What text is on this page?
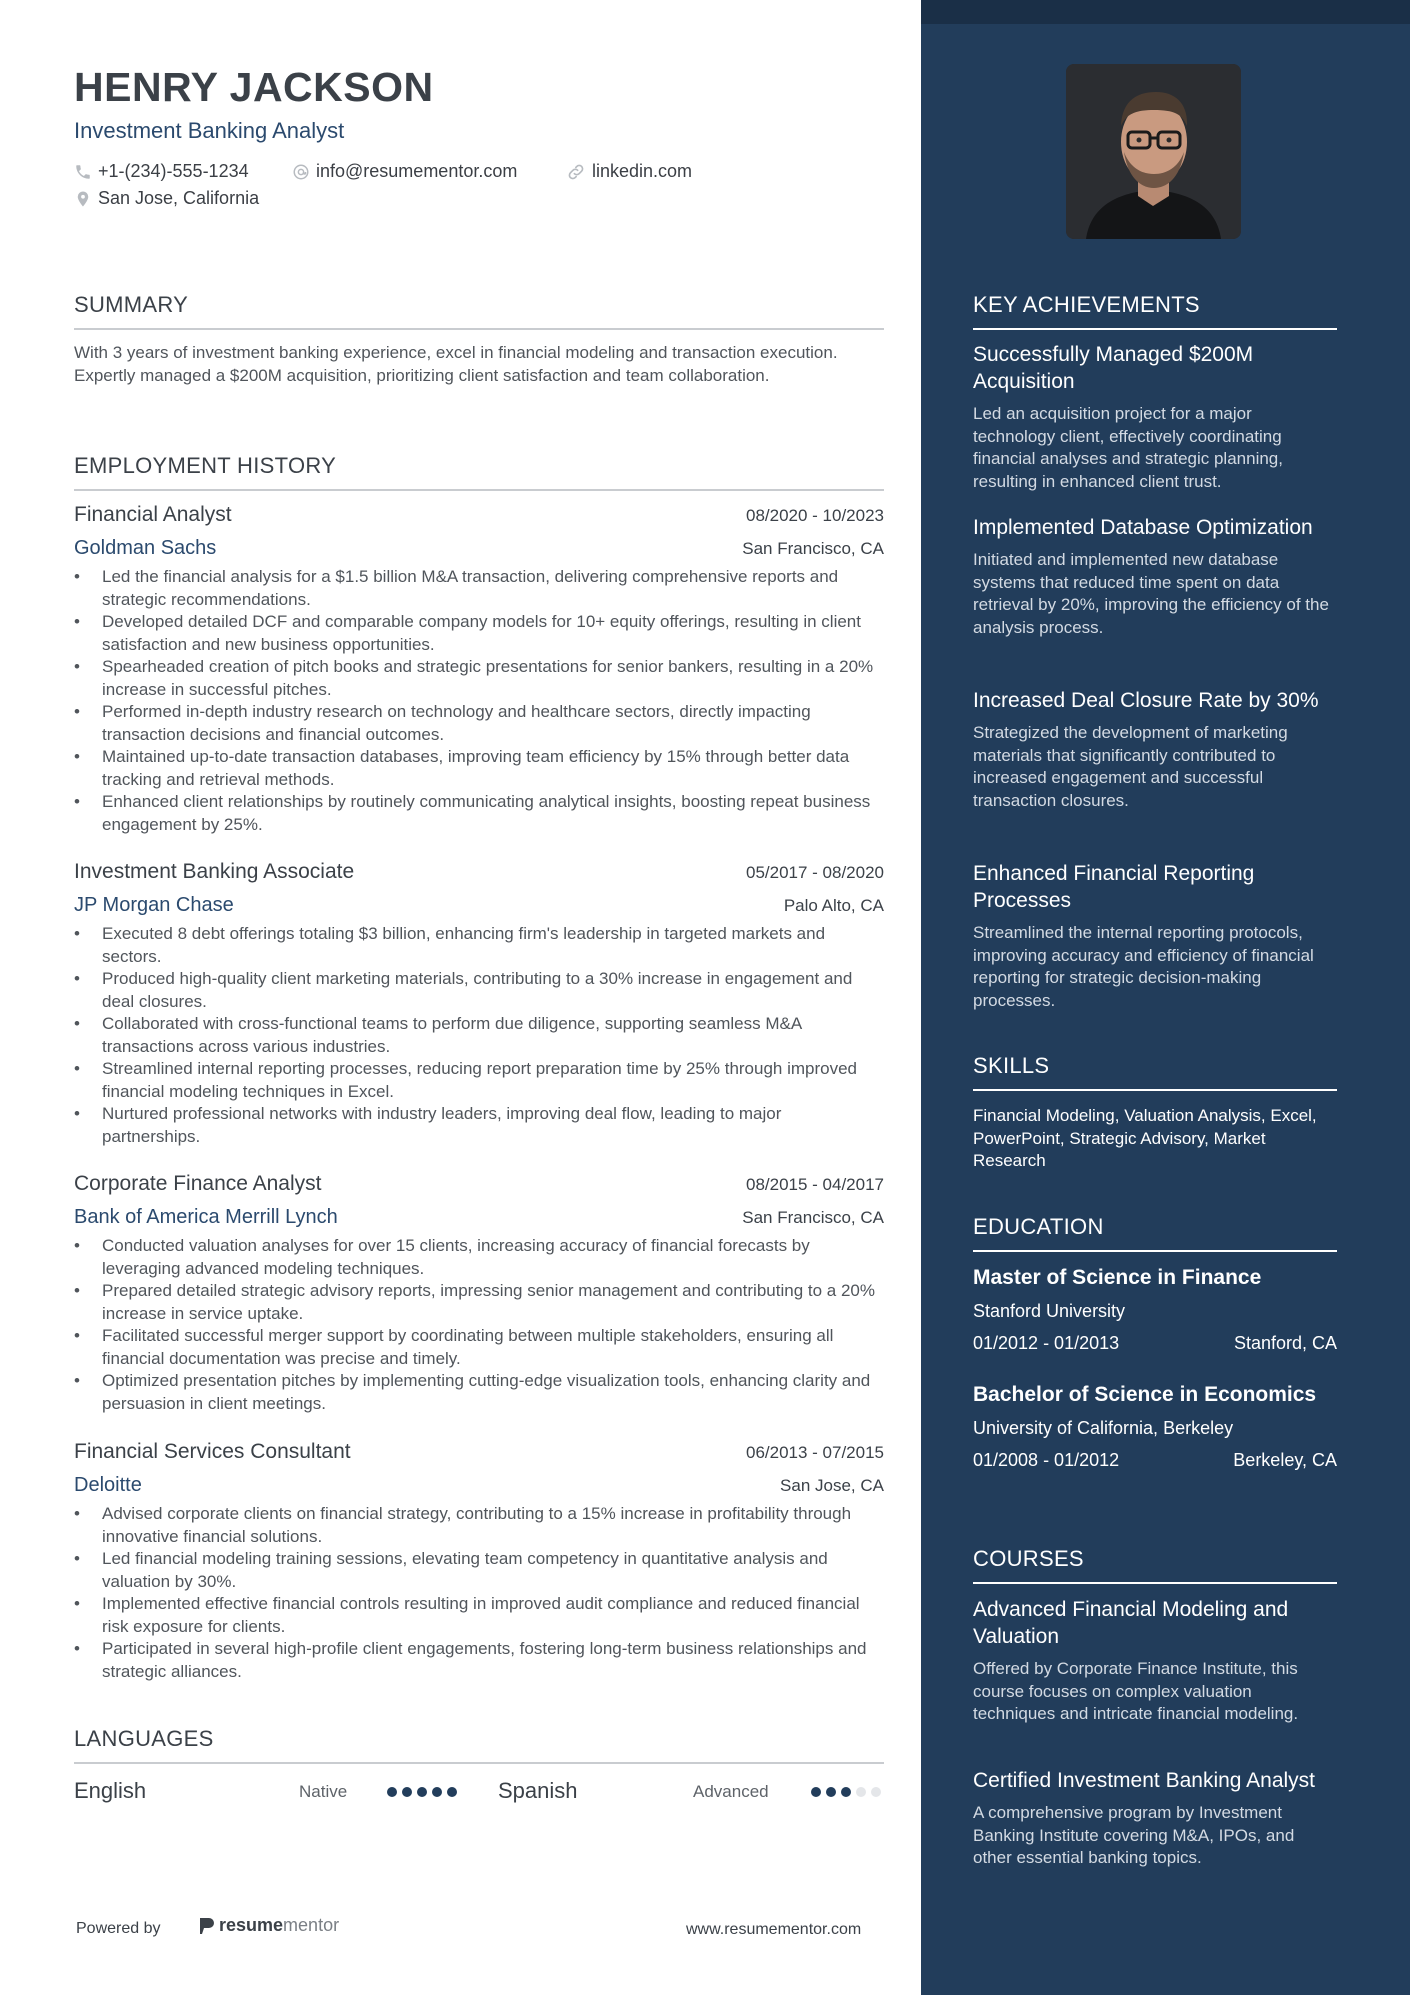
HENRY JACKSON
Investment Banking Analyst
+1-(234)-555-1234	info@resumementor.com	linkedin.com
San Jose, California
SUMMARY
With 3 years of investment banking experience, excel in financial modeling and transaction execution. Expertly managed a $200M acquisition, prioritizing client satisfaction and team collaboration.
EMPLOYMENT HISTORY
Financial Analyst	08/2020 - 10/2023
Goldman Sachs	San Francisco, CA
• Led the financial analysis for a $1.5 billion M&A transaction, delivering comprehensive reports and strategic recommendations.
• Developed detailed DCF and comparable company models for 10+ equity offerings, resulting in client satisfaction and new business opportunities.
• Spearheaded creation of pitch books and strategic presentations for senior bankers, resulting in a 20% increase in successful pitches.
• Performed in-depth industry research on technology and healthcare sectors, directly impacting transaction decisions and financial outcomes.
• Maintained up-to-date transaction databases, improving team efficiency by 15% through better data tracking and retrieval methods.
• Enhanced client relationships by routinely communicating analytical insights, boosting repeat business engagement by 25%.
Investment Banking Associate	05/2017 - 08/2020
JP Morgan Chase	Palo Alto, CA
• Executed 8 debt offerings totaling $3 billion, enhancing firm's leadership in targeted markets and sectors.
• Produced high-quality client marketing materials, contributing to a 30% increase in engagement and deal closures.
• Collaborated with cross-functional teams to perform due diligence, supporting seamless M&A transactions across various industries.
• Streamlined internal reporting processes, reducing report preparation time by 25% through improved financial modeling techniques in Excel.
• Nurtured professional networks with industry leaders, improving deal flow, leading to major partnerships.
Corporate Finance Analyst	08/2015 - 04/2017
Bank of America Merrill Lynch	San Francisco, CA
• Conducted valuation analyses for over 15 clients, increasing accuracy of financial forecasts by leveraging advanced modeling techniques.
• Prepared detailed strategic advisory reports, impressing senior management and contributing to a 20% increase in service uptake.
• Facilitated successful merger support by coordinating between multiple stakeholders, ensuring all financial documentation was precise and timely.
• Optimized presentation pitches by implementing cutting-edge visualization tools, enhancing clarity and persuasion in client meetings.
Financial Services Consultant	06/2013 - 07/2015
Deloitte	San Jose, CA
• Advised corporate clients on financial strategy, contributing to a 15% increase in profitability through innovative financial solutions.
• Led financial modeling training sessions, elevating team competency in quantitative analysis and valuation by 30%.
• Implemented effective financial controls resulting in improved audit compliance and reduced financial risk exposure for clients.
• Participated in several high-profile client engagements, fostering long-term business relationships and strategic alliances.
LANGUAGES
English	Native	Spanish	Advanced
Powered by	resume mentor	www.resumementor.com
KEY ACHIEVEMENTS
Successfully Managed $200M Acquisition
Led an acquisition project for a major technology client, effectively coordinating financial analyses and strategic planning, resulting in enhanced client trust.
Implemented Database Optimization
Initiated and implemented new database systems that reduced time spent on data retrieval by 20%, improving the efficiency of the analysis process.
Increased Deal Closure Rate by 30%
Strategized the development of marketing materials that significantly contributed to increased engagement and successful transaction closures.
Enhanced Financial Reporting Processes
Streamlined the internal reporting protocols, improving accuracy and efficiency of financial reporting for strategic decision-making processes.
SKILLS
Financial Modeling, Valuation Analysis, Excel, PowerPoint, Strategic Advisory, Market Research
EDUCATION
Master of Science in Finance
Stanford University
01/2012 - 01/2013	Stanford, CA
Bachelor of Science in Economics
University of California, Berkeley
01/2008 - 01/2012	Berkeley, CA
COURSES
Advanced Financial Modeling and Valuation
Offered by Corporate Finance Institute, this course focuses on complex valuation techniques and intricate financial modeling.
Certified Investment Banking Analyst
A comprehensive program by Investment Banking Institute covering M&A, IPOs, and other essential banking topics.
